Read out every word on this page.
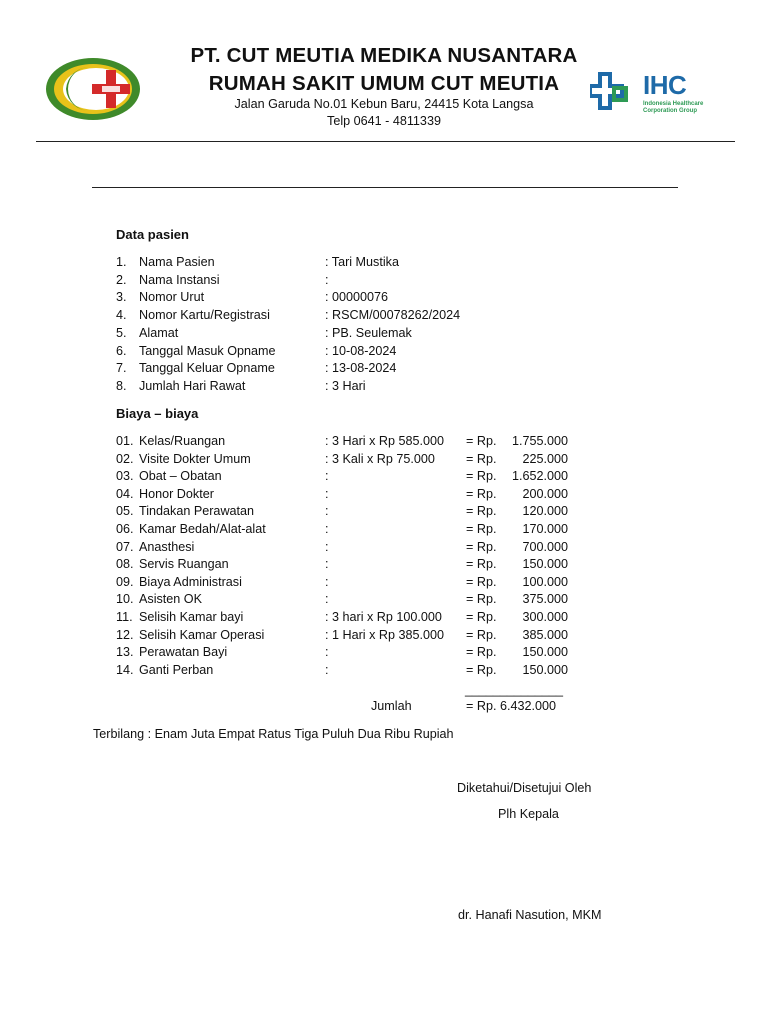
IHC
Indonesia Healthcare
Corporation Group
PT. CUT MEUTIA MEDIKA NUSANTARA
RUMAH SAKIT UMUM CUT MEUTIA
Jalan Garuda No.01 Kebun Baru, 24415 Kota Langsa
Telp 0641 - 4811339
Data pasien
1. Nama Pasien	: Tari Mustika
2. Nama Instansi	:
3. Nomor Urut	: 00000076
4. Nomor Kartu/Registrasi	: RSCM/00078262/2024
5. Alamat	: PB. Seulemak
6. Tanggal Masuk Opname	: 10-08-2024
7. Tanggal Keluar Opname	: 13-08-2024
8. Jumlah Hari Rawat	: 3 Hari
Biaya – biaya
01. Kelas/Ruangan	: 3 Hari x Rp 585.000 = Rp.	1.755.000
02. Visite Dokter Umum	: 3 Kali x Rp 75.000 = Rp.	225.000
03. Obat – Obatan	:	= Rp.	1.652.000
04. Honor Dokter	:	= Rp.	200.000
05. Tindakan Perawatan	:	= Rp.	120.000
06. Kamar Bedah/Alat-alat	:	= Rp.	170.000
07. Anasthesi	:	= Rp.	700.000
08. Servis Ruangan	:	= Rp.	150.000
09. Biaya Administrasi	:	= Rp.	100.000
10. Asisten OK	:	= Rp.	375.000
11. Selisih Kamar bayi	: 3 hari x Rp 100.000 = Rp.	300.000
12. Selisih Kamar Operasi	: 1 Hari x Rp 385.000 = Rp.	385.000
13. Perawatan Bayi	:	= Rp.	150.000
14. Ganti Perban	:	= Rp.	150.000
______________
Jumlah	= Rp. 6.432.000
Terbilang : Enam Juta Empat Ratus Tiga Puluh Dua Ribu Rupiah
Diketahui/Disetujui Oleh
Plh Kepala
dr. Hanafi Nasution, MKM
